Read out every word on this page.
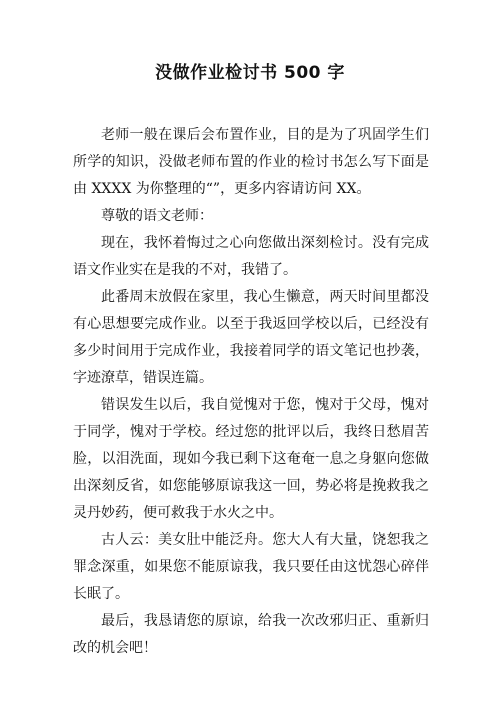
没做作业检讨书 500 字

老师一般在课后会布置作业，目的是为了巩固学生们所学的知识，没做老师布置的作业的检讨书怎么写下面是由 XXXX 为你整理的“”，更多内容请访问 XX。

尊敬的语文老师：

现在，我怀着悔过之心向您做出深刻检讨。没有完成语文作业实在是我的不对，我错了。

此番周末放假在家里，我心生懒意，两天时间里都没有心思想要完成作业。以至于我返回学校以后，已经没有多少时间用于完成作业，我接着同学的语文笔记也抄袭，字迹潦草，错误连篇。

错误发生以后，我自觉愧对于您，愧对于父母，愧对于同学，愧对于学校。经过您的批评以后，我终日愁眉苦脸，以泪洗面，现如今我已剩下这奄奄一息之身躯向您做出深刻反省，如您能够原谅我这一回，势必将是挽救我之灵丹妙药，便可救我于水火之中。

古人云：美女肚中能泛舟。您大人有大量，饶恕我之罪念深重，如果您不能原谅我，我只要任由这忧怨心碎伴长眠了。

最后，我恳请您的原谅，给我一次改邪归正、重新归改的机会吧！
